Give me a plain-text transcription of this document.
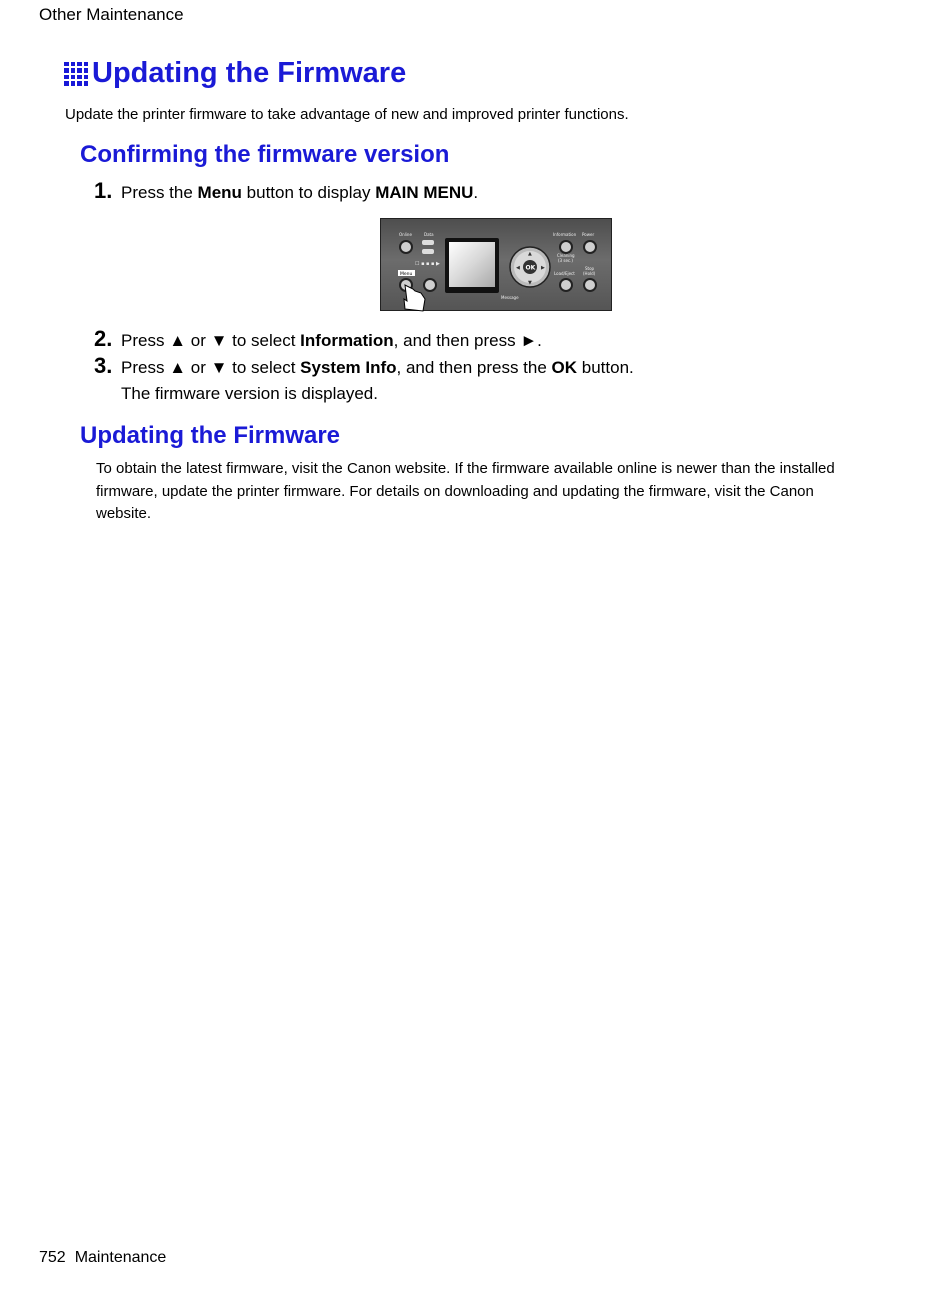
Other Maintenance
Updating the Firmware
Update the printer firmware to take advantage of new and improved printer functions.
Confirming the firmware version
1. Press the Menu button to display MAIN MENU.
Online	Data
☐ ▪ ▪ ▪ ▶
Menu
Message
OK
▲
▼
◀	▶
Information Power
Cleaning
(3 sec.)
Load/Eject
Stop
(Hold)
2. Press ▲ or ▼ to select Information, and then press ►.
3. Press ▲ or ▼ to select System Info, and then press the OK button.
The firmware version is displayed.
Updating the Firmware
To obtain the latest firmware, visit the Canon website. If the firmware available online is newer than the installed firmware, update the printer firmware. For details on downloading and updating the firmware, visit the Canon website.
752 Maintenance
